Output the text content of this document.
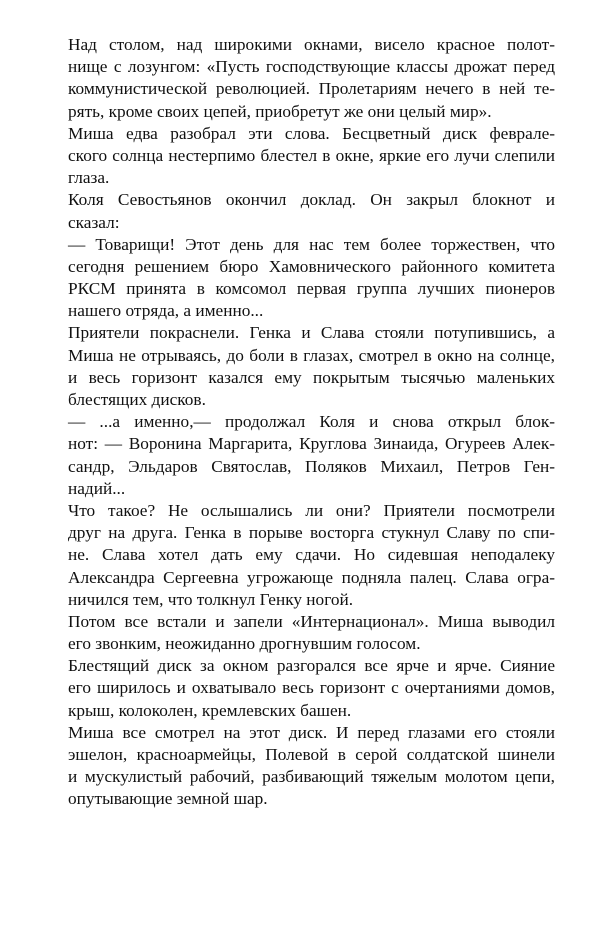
Над столом, над широкими окнами, висело красное полот-
нище с лозунгом: «Пусть господствующие классы дрожат перед
коммунистической революцией. Пролетариям нечего в ней те-
рять, кроме своих цепей, приобретут же они целый мир».
Миша едва разобрал эти слова. Бесцветный диск феврале-
ского солнца нестерпимо блестел в окне, яркие его лучи слепили
глаза.
Коля Севостьянов окончил доклад. Он закрыл блокнот и
сказал:
— Товарищи! Этот день для нас тем более торжествен, что
сегодня решением бюро Хамовнического районного комитета
РКСМ принята в комсомол первая группа лучших пионеров
нашего отряда, а именно...
Приятели покраснели. Генка и Слава стояли потупившись, а
Миша не отрываясь, до боли в глазах, смотрел в окно на солнце,
и весь горизонт казался ему покрытым тысячью маленьких
блестящих дисков.
— ...а именно,— продолжал Коля и снова открыл блок-
нот: — Воронина Маргарита, Круглова Зинаида, Огуреев Алек-
сандр, Эльдаров Святослав, Поляков Михаил, Петров Ген-
надий...
Что такое? Не ослышались ли они? Приятели посмотрели
друг на друга. Генка в порыве восторга стукнул Славу по спи-
не. Слава хотел дать ему сдачи. Но сидевшая неподалеку
Александра Сергеевна угрожающе подняла палец. Слава огра-
ничился тем, что толкнул Генку ногой.
Потом все встали и запели «Интернационал». Миша выводил
его звонким, неожиданно дрогнувшим голосом.
Блестящий диск за окном разгорался все ярче и ярче. Сияние
его ширилось и охватывало весь горизонт с очертаниями домов,
крыш, колоколен, кремлевских башен.
Миша все смотрел на этот диск. И перед глазами его стояли
эшелон, красноармейцы, Полевой в серой солдатской шинели
и мускулистый рабочий, разбивающий тяжелым молотом цепи,
опутывающие земной шар.
